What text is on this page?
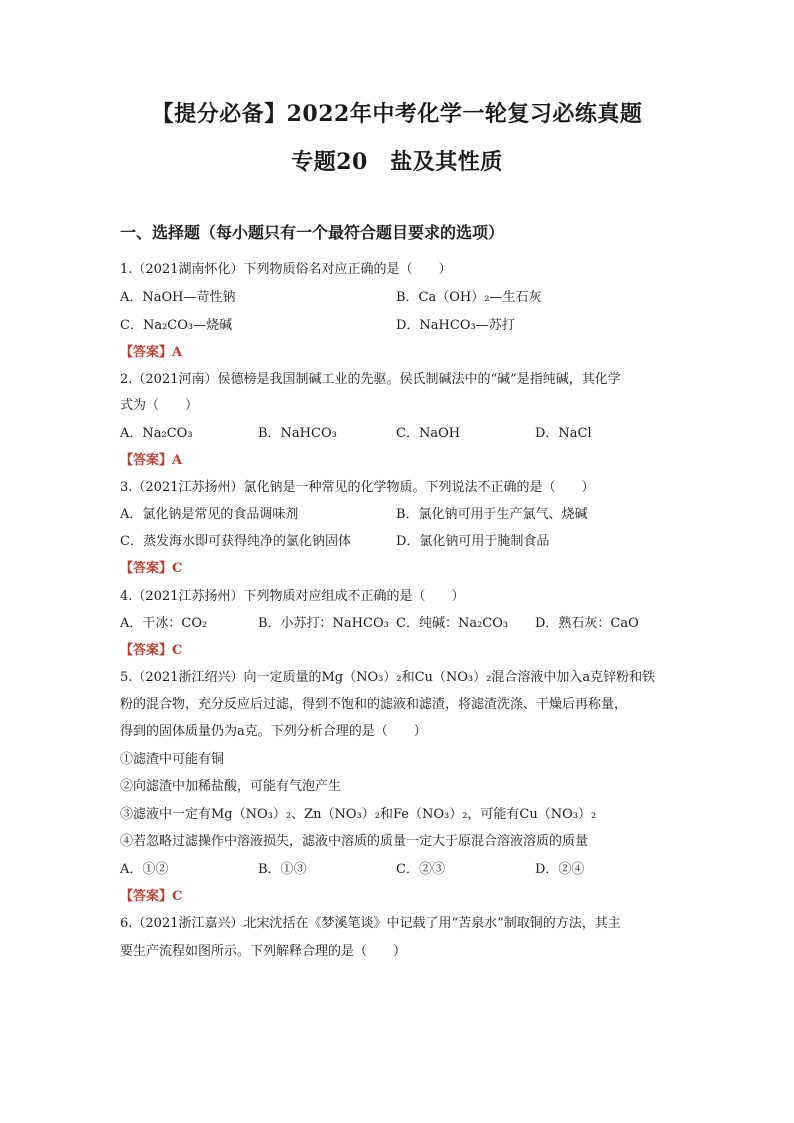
【提分必备】2022年中考化学一轮复习必练真题
专题20　盐及其性质
一、选择题（每小题只有一个最符合题目要求的选项）
1.（2021湖南怀化）下列物质俗名对应正确的是（　　）
A．NaOH—苛性钠	B．Ca（OH）₂—生石灰
C．Na₂CO₃—烧碱	D．NaHCO₃—苏打
【答案】A
2.（2021河南）侯德榜是我国制碱工业的先驱。侯氏制碱法中的“碱”是指纯碱，其化学
式为（　　）
A．Na₂CO₃	B．NaHCO₃	C．NaOH	D．NaCl
【答案】A
3.（2021江苏扬州）氯化钠是一种常见的化学物质。下列说法不正确的是（　　）
A．氯化钠是常见的食品调味剂	B．氯化钠可用于生产氯气、烧碱
C．蒸发海水即可获得纯净的氯化钠固体	D．氯化钠可用于腌制食品
【答案】C
4.（2021江苏扬州）下列物质对应组成不正确的是（　　）
A．干冰：CO₂	B．小苏打：NaHCO₃ C．纯碱：Na₂CO₃ D．熟石灰：CaO
【答案】C
5.（2021浙江绍兴）向一定质量的Mg（NO₃）₂和Cu（NO₃）₂混合溶液中加入a克锌粉和铁
粉的混合物，充分反应后过滤，得到不饱和的滤液和滤渣，将滤渣洗涤、干燥后再称量，
得到的固体质量仍为a克。下列分析合理的是（　　）
①滤渣中可能有铜
②向滤渣中加稀盐酸，可能有气泡产生
③滤液中一定有Mg（NO₃）₂、Zn（NO₃）₂和Fe（NO₃）₂，可能有Cu（NO₃）₂
④若忽略过滤操作中溶液损失，滤液中溶质的质量一定大于原混合溶液溶质的质量
A．①②	B．①③	C．②③	D．②④
【答案】C
6.（2021浙江嘉兴）北宋沈括在《梦溪笔谈》中记载了用“苦泉水”制取铜的方法，其主
要生产流程如图所示。下列解释合理的是（　　）
